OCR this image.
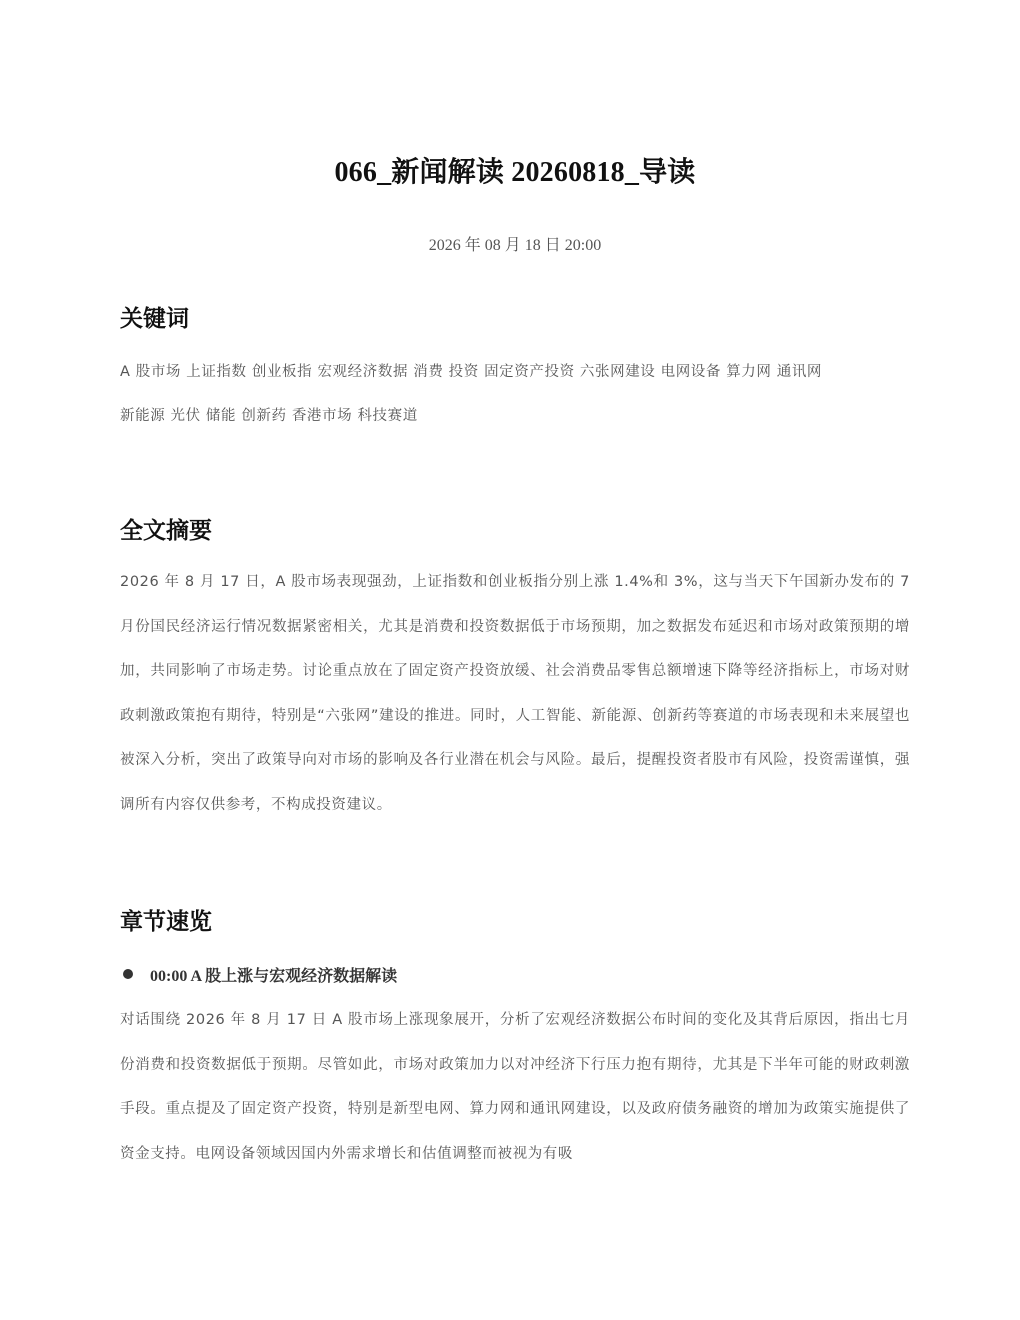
066_新闻解读 20260818_导读
2026 年 08 月 18 日 20:00
关键词
A 股市场 上证指数 创业板指 宏观经济数据 消费 投资 固定资产投资 六张网建设 电网设备 算力网 通讯网
新能源 光伏 储能 创新药 香港市场 科技赛道
全文摘要

2026 年 8 月 17 日，A 股市场表现强劲，上证指数和创业板指分别上涨 1.4%和 3%，这与当天下午国新办发布的 7 月份国民经济运行情况数据紧密相关，尤其是消费和投资数据低于市场预期，加之数据发布延迟和市场对政策预期的增加，共同影响了市场走势。讨论重点放在了固定资产投资放缓、社会消费品零售总额增速下降等经济指标上，市场对财政刺激政策抱有期待，特别是“六张网”建设的推进。同时，人工智能、新能源、创新药等赛道的市场表现和未来展望也被深入分析，突出了政策导向对市场的影响及各行业潜在机会与风险。最后，提醒投资者股市有风险，投资需谨慎，强调所有内容仅供参考，不构成投资建议。

章节速览
00:00 A 股上涨与宏观经济数据解读

对话围绕 2026 年 8 月 17 日 A 股市场上涨现象展开，分析了宏观经济数据公布时间的变化及其背后原因，指出七月份消费和投资数据低于预期。尽管如此，市场对政策加力以对冲经济下行压力抱有期待，尤其是下半年可能的财政刺激手段。重点提及了固定资产投资，特别是新型电网、算力网和通讯网建设，以及政府债务融资的增加为政策实施提供了资金支持。电网设备领域因国内外需求增长和估值调整而被视为有吸
